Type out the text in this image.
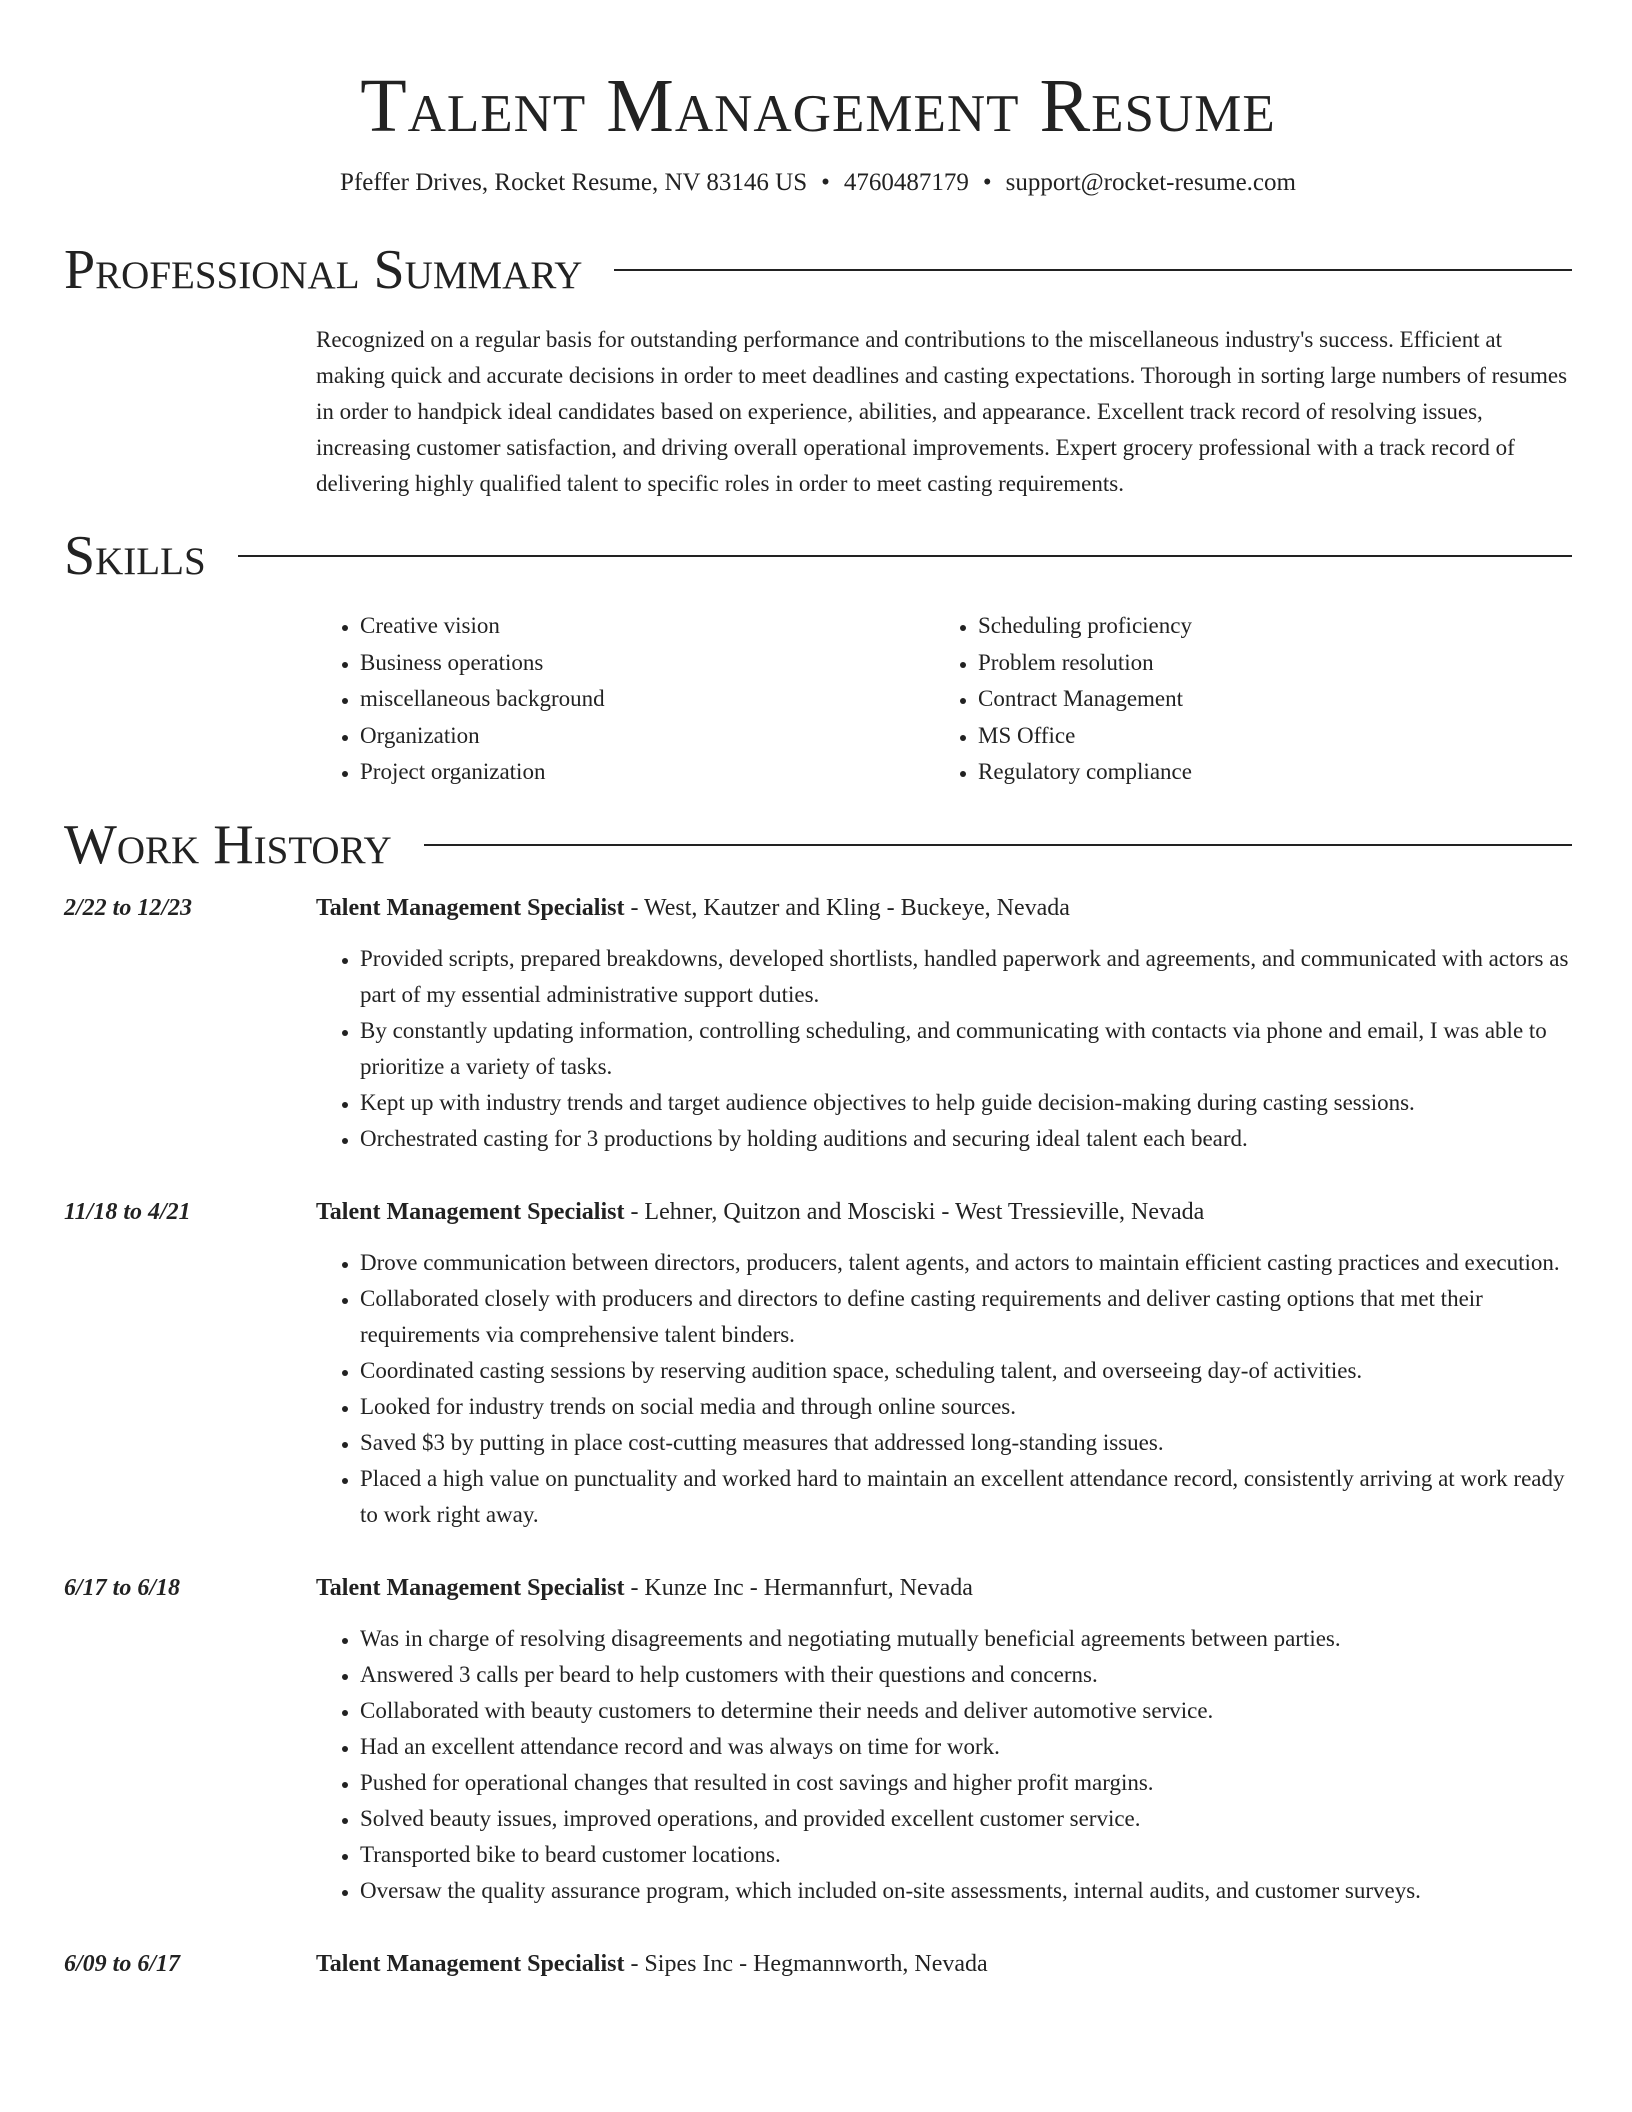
Talent Management Resume
Pfeffer Drives, Rocket Resume, NV 83146 US • 4760487179 • support@rocket-resume.com
Professional Summary
Recognized on a regular basis for outstanding performance and contributions to the miscellaneous industry's success. Efficient at making quick and accurate decisions in order to meet deadlines and casting expectations. Thorough in sorting large numbers of resumes in order to handpick ideal candidates based on experience, abilities, and appearance. Excellent track record of resolving issues, increasing customer satisfaction, and driving overall operational improvements. Expert grocery professional with a track record of delivering highly qualified talent to specific roles in order to meet casting requirements.
Skills
• Creative vision
• Business operations
• miscellaneous background
• Organization
• Project organization
• Scheduling proficiency
• Problem resolution
• Contract Management
• MS Office
• Regulatory compliance
Work History
2/22 to 12/23	Talent Management Specialist - West, Kautzer and Kling - Buckeye, Nevada
• Provided scripts, prepared breakdowns, developed shortlists, handled paperwork and agreements, and communicated with actors as part of my essential administrative support duties.
• By constantly updating information, controlling scheduling, and communicating with contacts via phone and email, I was able to prioritize a variety of tasks.
• Kept up with industry trends and target audience objectives to help guide decision-making during casting sessions.
• Orchestrated casting for 3 productions by holding auditions and securing ideal talent each beard.
11/18 to 4/21	Talent Management Specialist - Lehner, Quitzon and Mosciski - West Tressieville, Nevada
• Drove communication between directors, producers, talent agents, and actors to maintain efficient casting practices and execution.
• Collaborated closely with producers and directors to define casting requirements and deliver casting options that met their requirements via comprehensive talent binders.
• Coordinated casting sessions by reserving audition space, scheduling talent, and overseeing day-of activities.
• Looked for industry trends on social media and through online sources.
• Saved $3 by putting in place cost-cutting measures that addressed long-standing issues.
• Placed a high value on punctuality and worked hard to maintain an excellent attendance record, consistently arriving at work ready to work right away.
6/17 to 6/18	Talent Management Specialist - Kunze Inc - Hermannfurt, Nevada
• Was in charge of resolving disagreements and negotiating mutually beneficial agreements between parties.
• Answered 3 calls per beard to help customers with their questions and concerns.
• Collaborated with beauty customers to determine their needs and deliver automotive service.
• Had an excellent attendance record and was always on time for work.
• Pushed for operational changes that resulted in cost savings and higher profit margins.
• Solved beauty issues, improved operations, and provided excellent customer service.
• Transported bike to beard customer locations.
• Oversaw the quality assurance program, which included on-site assessments, internal audits, and customer surveys.
6/09 to 6/17	Talent Management Specialist - Sipes Inc - Hegmannworth, Nevada
